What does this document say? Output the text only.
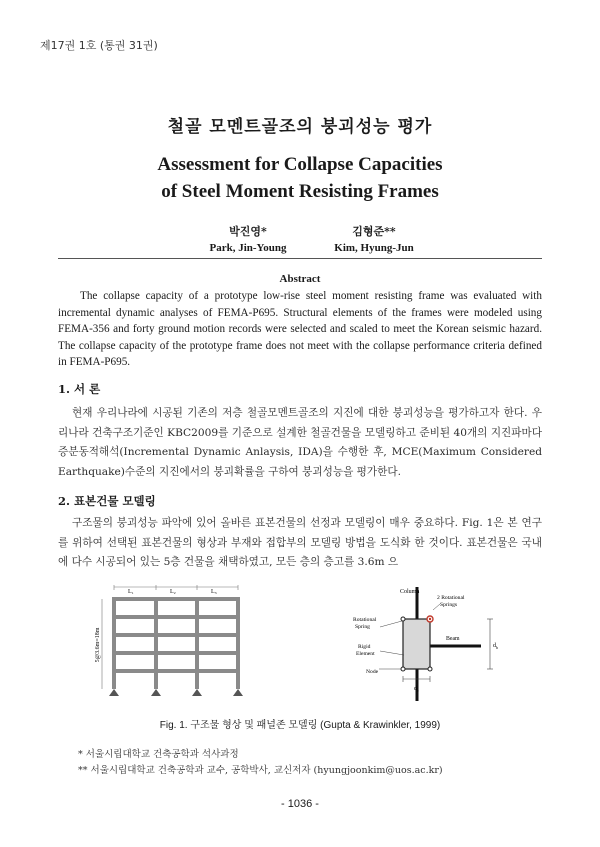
제17권 1호 (통권 31권)
철골 모멘트골조의 붕괴성능 평가
Assessment for Collapse Capacities
of Steel Moment Resisting Frames
박진영*
Park, Jin-Young
김형준**
Kim, Hyung-Jun
Abstract
The collapse capacity of a prototype low-rise steel moment resisting frame was evaluated with incremental dynamic analyses of FEMA-P695. Structural elements of the frames were modeled using FEMA-356 and forty ground motion records were selected and scaled to meet the Korean seismic hazard. The collapse capacity of the prototype frame does not meet with the collapse performance criteria defined in FEMA-P695.
1. 서 론
현재 우리나라에 시공된 기존의 저층 철골모멘트골조의 지진에 대한 붕괴성능을 평가하고자 한다. 우리나라 건축구조기준인 KBC2009를 기준으로 설계한 철골건물을 모델링하고 준비된 40개의 지진파마다 증분동적해석(Incremental Dynamic Anlaysis, IDA)을 수행한 후, MCE(Maximum Considered Earthquake)수준의 지진에서의 붕괴확률을 구하여 붕괴성능을 평가한다.
2. 표본건물 모델링
구조물의 붕괴성능 파악에 있어 올바른 표본건물의 선정과 모델링이 매우 중요하다. Fig. 1은 본 연구를 위하여 선택된 표본건물의 형상과 부재와 접합부의 모델링 방법을 도식화 한 것이다. 표본건물은 국내에 다수 시공되어 있는 5층 건물을 채택하였고, 모든 층의 층고를 3.6m 으
L₁	L₂	L₃
5@3.6m=18m
Column
2 Rotational
Springs
Rotational
Spring
Beam
Rigid
Element
Node
$d_b$
$d_c$
Fig. 1. 구조물 형상 및 패널존 모델링 (Gupta & Krawinkler, 1999)
* 서울시립대학교 건축공학과 석사과정
** 서울시립대학교 건축공학과 교수, 공학박사, 교신저자 (hyungjoonkim@uos.ac.kr)
- 1036 -
